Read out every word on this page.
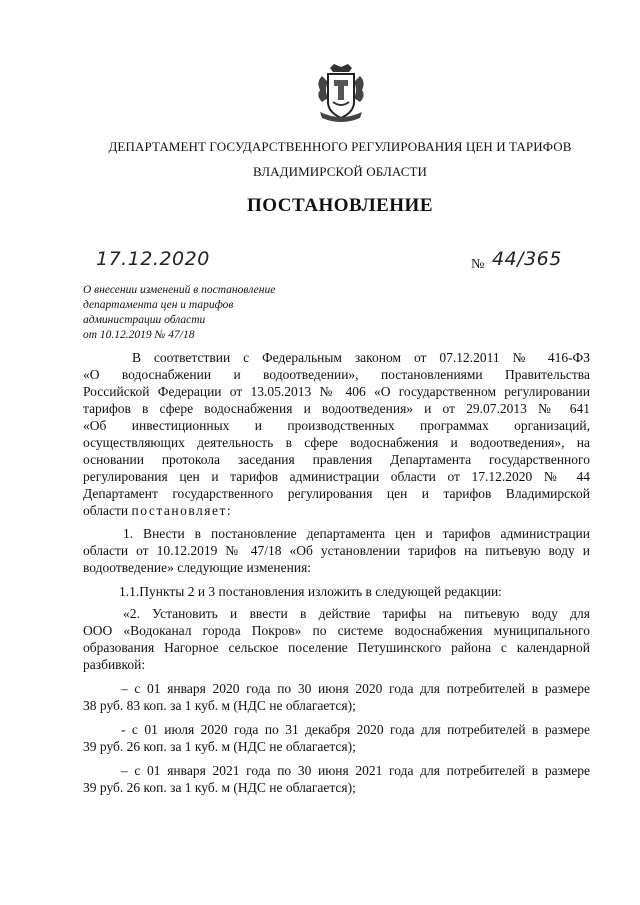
ДЕПАРТАМЕНТ ГОСУДАРСТВЕННОГО РЕГУЛИРОВАНИЯ ЦЕН И ТАРИФОВ
ВЛАДИМИРСКОЙ ОБЛАСТИ
ПОСТАНОВЛЕНИЕ
17.12.2020	№ 44/365
О внесении изменений в постановление
департамента цен и тарифов
администрации области
от 10.12.2019 № 47/18
В соответствии с Федеральным законом от 07.12.2011 № 416-ФЗ
«О водоснабжении и водоотведении», постановлениями Правительства
Российской Федерации от 13.05.2013 № 406 «О государственном регулировании
тарифов в сфере водоснабжения и водоотведения» и от 29.07.2013 № 641
«Об инвестиционных и производственных программах организаций,
осуществляющих деятельность в сфере водоснабжения и водоотведения», на
основании протокола заседания правления Департамента государственного
регулирования цен и тарифов администрации области от 17.12.2020 № 44
Департамент государственного регулирования цен и тарифов Владимирской
области постановляет:
1. Внести в постановление департамента цен и тарифов администрации
области от 10.12.2019 № 47/18 «Об установлении тарифов на питьевую воду и
водоотведение» следующие изменения:
1.1.Пункты 2 и 3 постановления изложить в следующей редакции:
«2. Установить и ввести в действие тарифы на питьевую воду для
ООО «Водоканал города Покров» по системе водоснабжения муниципального
образования Нагорное сельское поселение Петушинского района с календарной
разбивкой:
– с 01 января 2020 года по 30 июня 2020 года для потребителей в размере
38 руб. 83 коп. за 1 куб. м (НДС не облагается);
- с 01 июля 2020 года по 31 декабря 2020 года для потребителей в размере
39 руб. 26 коп. за 1 куб. м (НДС не облагается);
– с 01 января 2021 года по 30 июня 2021 года для потребителей в размере
39 руб. 26 коп. за 1 куб. м (НДС не облагается);
